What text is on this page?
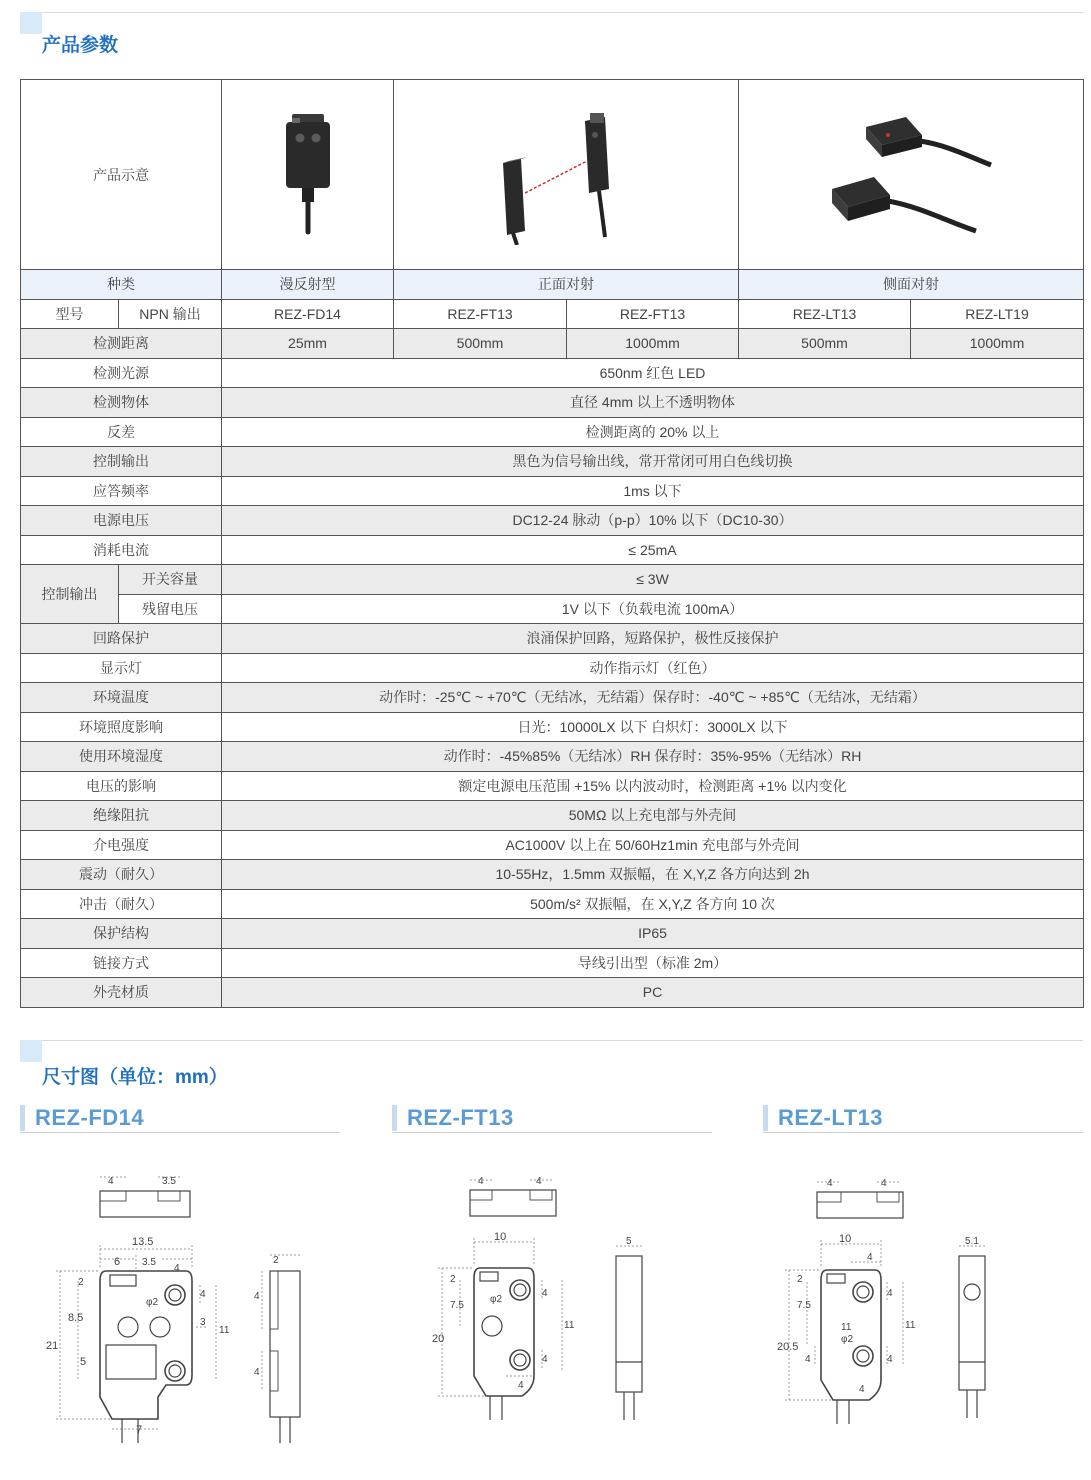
产品参数
产品示意	

种类		漫反射型	正面对射		侧面对射	
型号	NPN 输出	REZ-FD14	REZ-FT13	REZ-FT13	REZ-LT13	REZ-LT19
检测距离		25mm	500mm	1000mm	500mm	1000mm
检测光源		650nm 红色 LED				
检测物体		直径 4mm 以上不透明物体				
反差		检测距离的 20% 以上				
控制输出		黑色为信号输出线，常开常闭可用白色线切换				
应答频率		1ms 以下				
电源电压		DC12-24 脉动（p-p）10% 以下（DC10-30）				
消耗电流		≤ 25mA				
控制输出	开关容量	≤ 3W				
	残留电压	1V 以下（负载电流 100mA）				
回路保护		浪涌保护回路，短路保护，极性反接保护				
显示灯		动作指示灯（红色）				
环境温度		动作时：-25℃ ~ +70℃（无结冰，无结霜）保存时：-40℃ ~ +85℃（无结冰，无结霜）				
环境照度影响		日光：10000LX 以下 白炽灯：3000LX 以下				
使用环境湿度		动作时：-45%85%（无结冰）RH 保存时：35%-95%（无结冰）RH				
电压的影响		额定电源电压范围 +15% 以内波动时，检测距离 +1% 以内变化				
绝缘阻抗		50MΩ 以上充电部与外壳间				
介电强度		AC1000V 以上在 50/60Hz1min 充电部与外壳间				
震动（耐久）		10-55Hz，1.5mm 双振幅，在 X,Y,Z 各方向达到 2h				
冲击（耐久）		500m/s² 双振幅，在 X,Y,Z 各方向 10 次				
保护结构		IP65				
链接方式		导线引出型（标准 2m）				
外壳材质		PC				
尺寸图（单位：mm）
REZ-FD14	REZ-FT13	REZ-LT13
4	3.5
13.5
6 3.5
4
21
2
8.5
5
φ2
4
3
11
7
2
4
4
4	4
10
20
2
7.5
φ2
4
4
11
4
5
4	4
10
4
20.5
2
7.5
11
4
φ2
4
11
4
4
5.1
